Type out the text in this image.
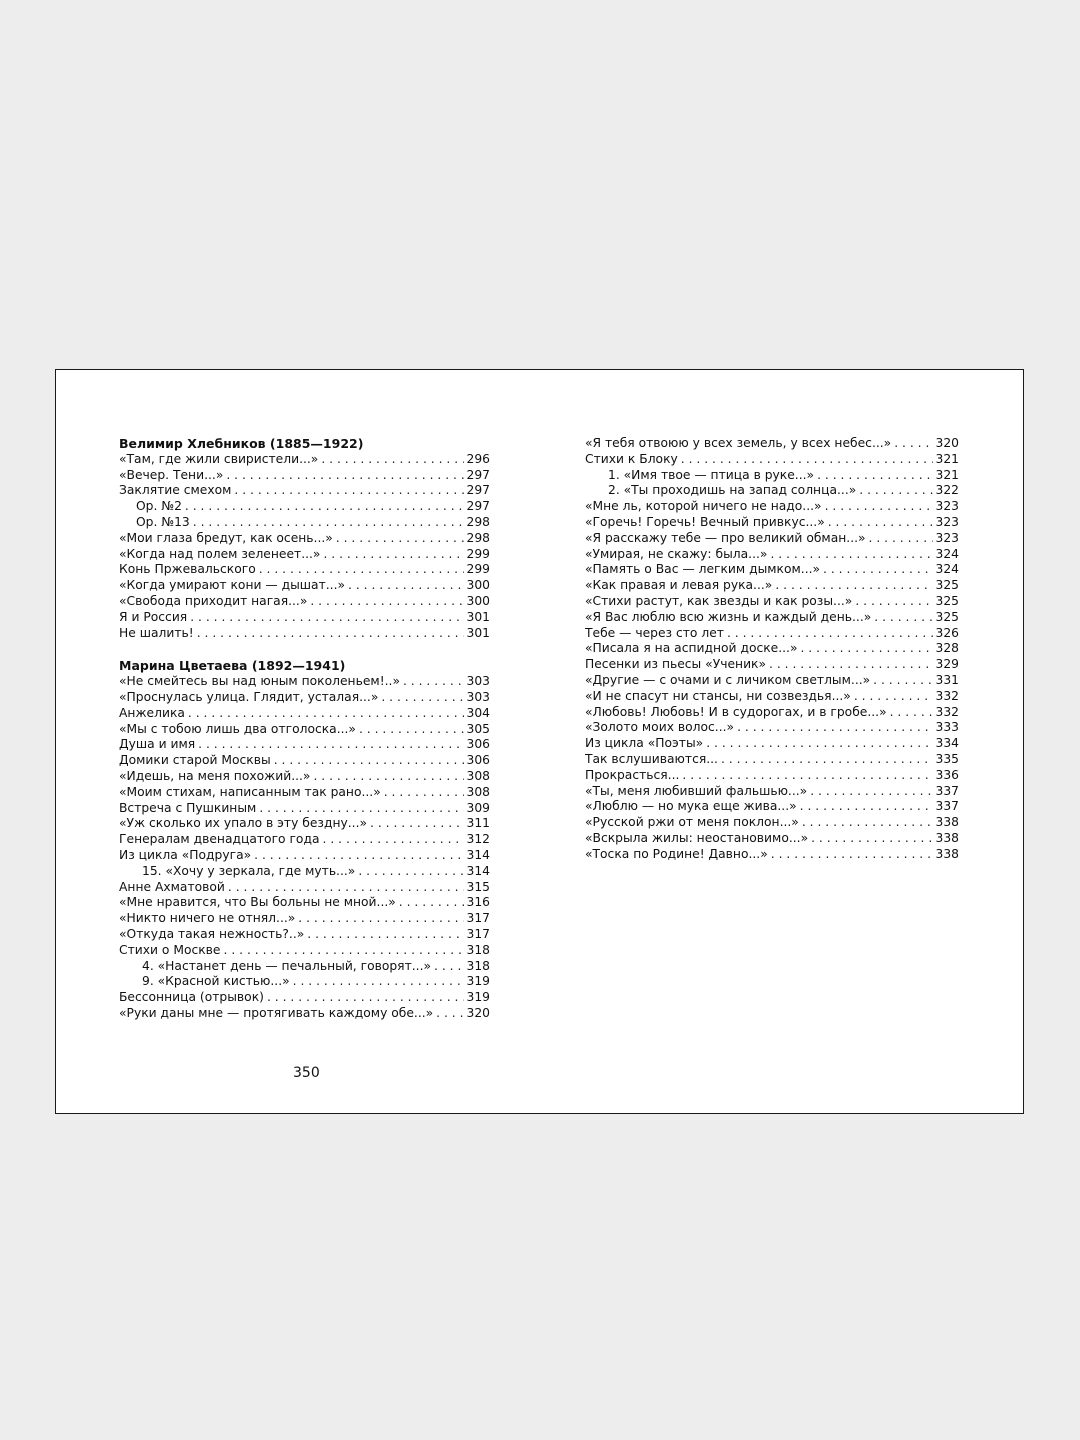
Велимир Хлебников (1885—1922)
«Там, где жили свиристели...» . . .	296
«Вечер. Тени...» . . .	297
Заклятие смехом . . .	297
Ор. №2 . . .	297
Ор. №13 . . .	298
«Мои глаза бредут, как осень...» . . .	298
«Когда над полем зеленеет...» . . .	299
Конь Пржевальского . . .	299
«Когда умирают кони — дышат...» . . .	300
«Свобода приходит нагая...» . . .	300
Я и Россия . . .	301
Не шалить! . . .	301
Марина Цветаева (1892—1941)
«Не смейтесь вы над юным поколеньем!..» . . .	303
«Проснулась улица. Глядит, усталая...» . . .	303
Анжелика . . .	304
«Мы с тобою лишь два отголоска...» . . .	305
Душа и имя . . .	306
Домики старой Москвы . . .	306
«Идешь, на меня похожий...» . . .	308
«Моим стихам, написанным так рано...» . . .	308
Встреча с Пушкиным . . .	309
«Уж сколько их упало в эту бездну...» . . .	311
Генералам двенадцатого года . . .	312
Из цикла «Подруга» . . .	314
15. «Хочу у зеркала, где муть...» . . .	314
Анне Ахматовой . . .	315
«Мне нравится, что Вы больны не мной...» . . .	316
«Никто ничего не отнял...» . . .	317
«Откуда такая нежность?..» . . .	317
Стихи о Москве . . .	318
4. «Настанет день — печальный, говорят...» . . .	318
9. «Красной кистью...» . . .	319
Бессонница (отрывок) . . .	319
«Руки даны мне — протягивать каждому обе...» . . .	320
«Я тебя отвоюю у всех земель, у всех небес...» . . .	320
Стихи к Блоку . . .	321
1. «Имя твое — птица в руке...» . . .	321
2. «Ты проходишь на запад солнца...» . . .	322
«Мне ль, которой ничего не надо...» . . .	323
«Горечь! Горечь! Вечный привкус...» . . .	323
«Я расскажу тебе — про великий обман...» . . .	323
«Умирая, не скажу: была...» . . .	324
«Память о Вас — легким дымком...» . . .	324
«Как правая и левая рука...» . . .	325
«Стихи растут, как звезды и как розы...» . . .	325
«Я Вас люблю всю жизнь и каждый день...» . . .	325
Тебе — через сто лет . . .	326
«Писала я на аспидной доске...» . . .	328
Песенки из пьесы «Ученик» . . .	329
«Другие — с очами и с личиком светлым...» . . .	331
«И не спасут ни стансы, ни созвездья...» . . .	332
«Любовь! Любовь! И в судорогах, и в гробе...» . . .	332
«Золото моих волос...» . . .	333
Из цикла «Поэты» . . .	334
Так вслушиваются... . . .	335
Прокрасться... . . .	336
«Ты, меня любивший фальшью...» . . .	337
«Люблю — но мука еще жива...» . . .	337
«Русской ржи от меня поклон...» . . .	338
«Вскрыла жилы: неостановимо...» . . .	338
«Тоска по Родине! Давно...» . . .	338
350
